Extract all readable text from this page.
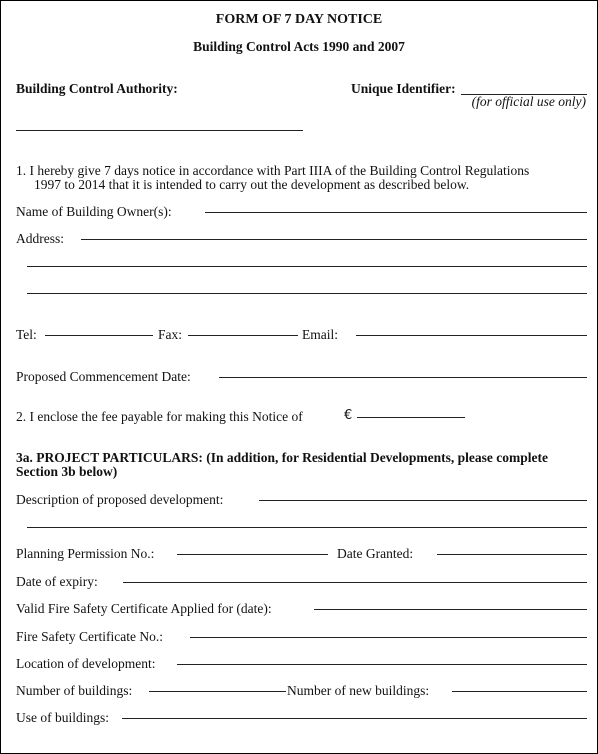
FORM OF 7 DAY NOTICE
Building Control Acts 1990 and 2007
Building Control Authority:	Unique Identifier:
(for official use only)
1. I hereby give 7 days notice in accordance with Part IIIA of the Building Control Regulations
1997 to 2014 that it is intended to carry out the development as described below.
Name of Building Owner(s):
Address:
Tel:	Fax:	Email:
Proposed Commencement Date:
2. I enclose the fee payable for making this Notice of	€
3a. PROJECT PARTICULARS: (In addition, for Residential Developments, please complete
Section 3b below)
Description of proposed development:
Planning Permission No.:	Date Granted:
Date of expiry:
Valid Fire Safety Certificate Applied for (date):
Fire Safety Certificate No.:
Location of development:
Number of buildings:	Number of new buildings:
Use of buildings:
